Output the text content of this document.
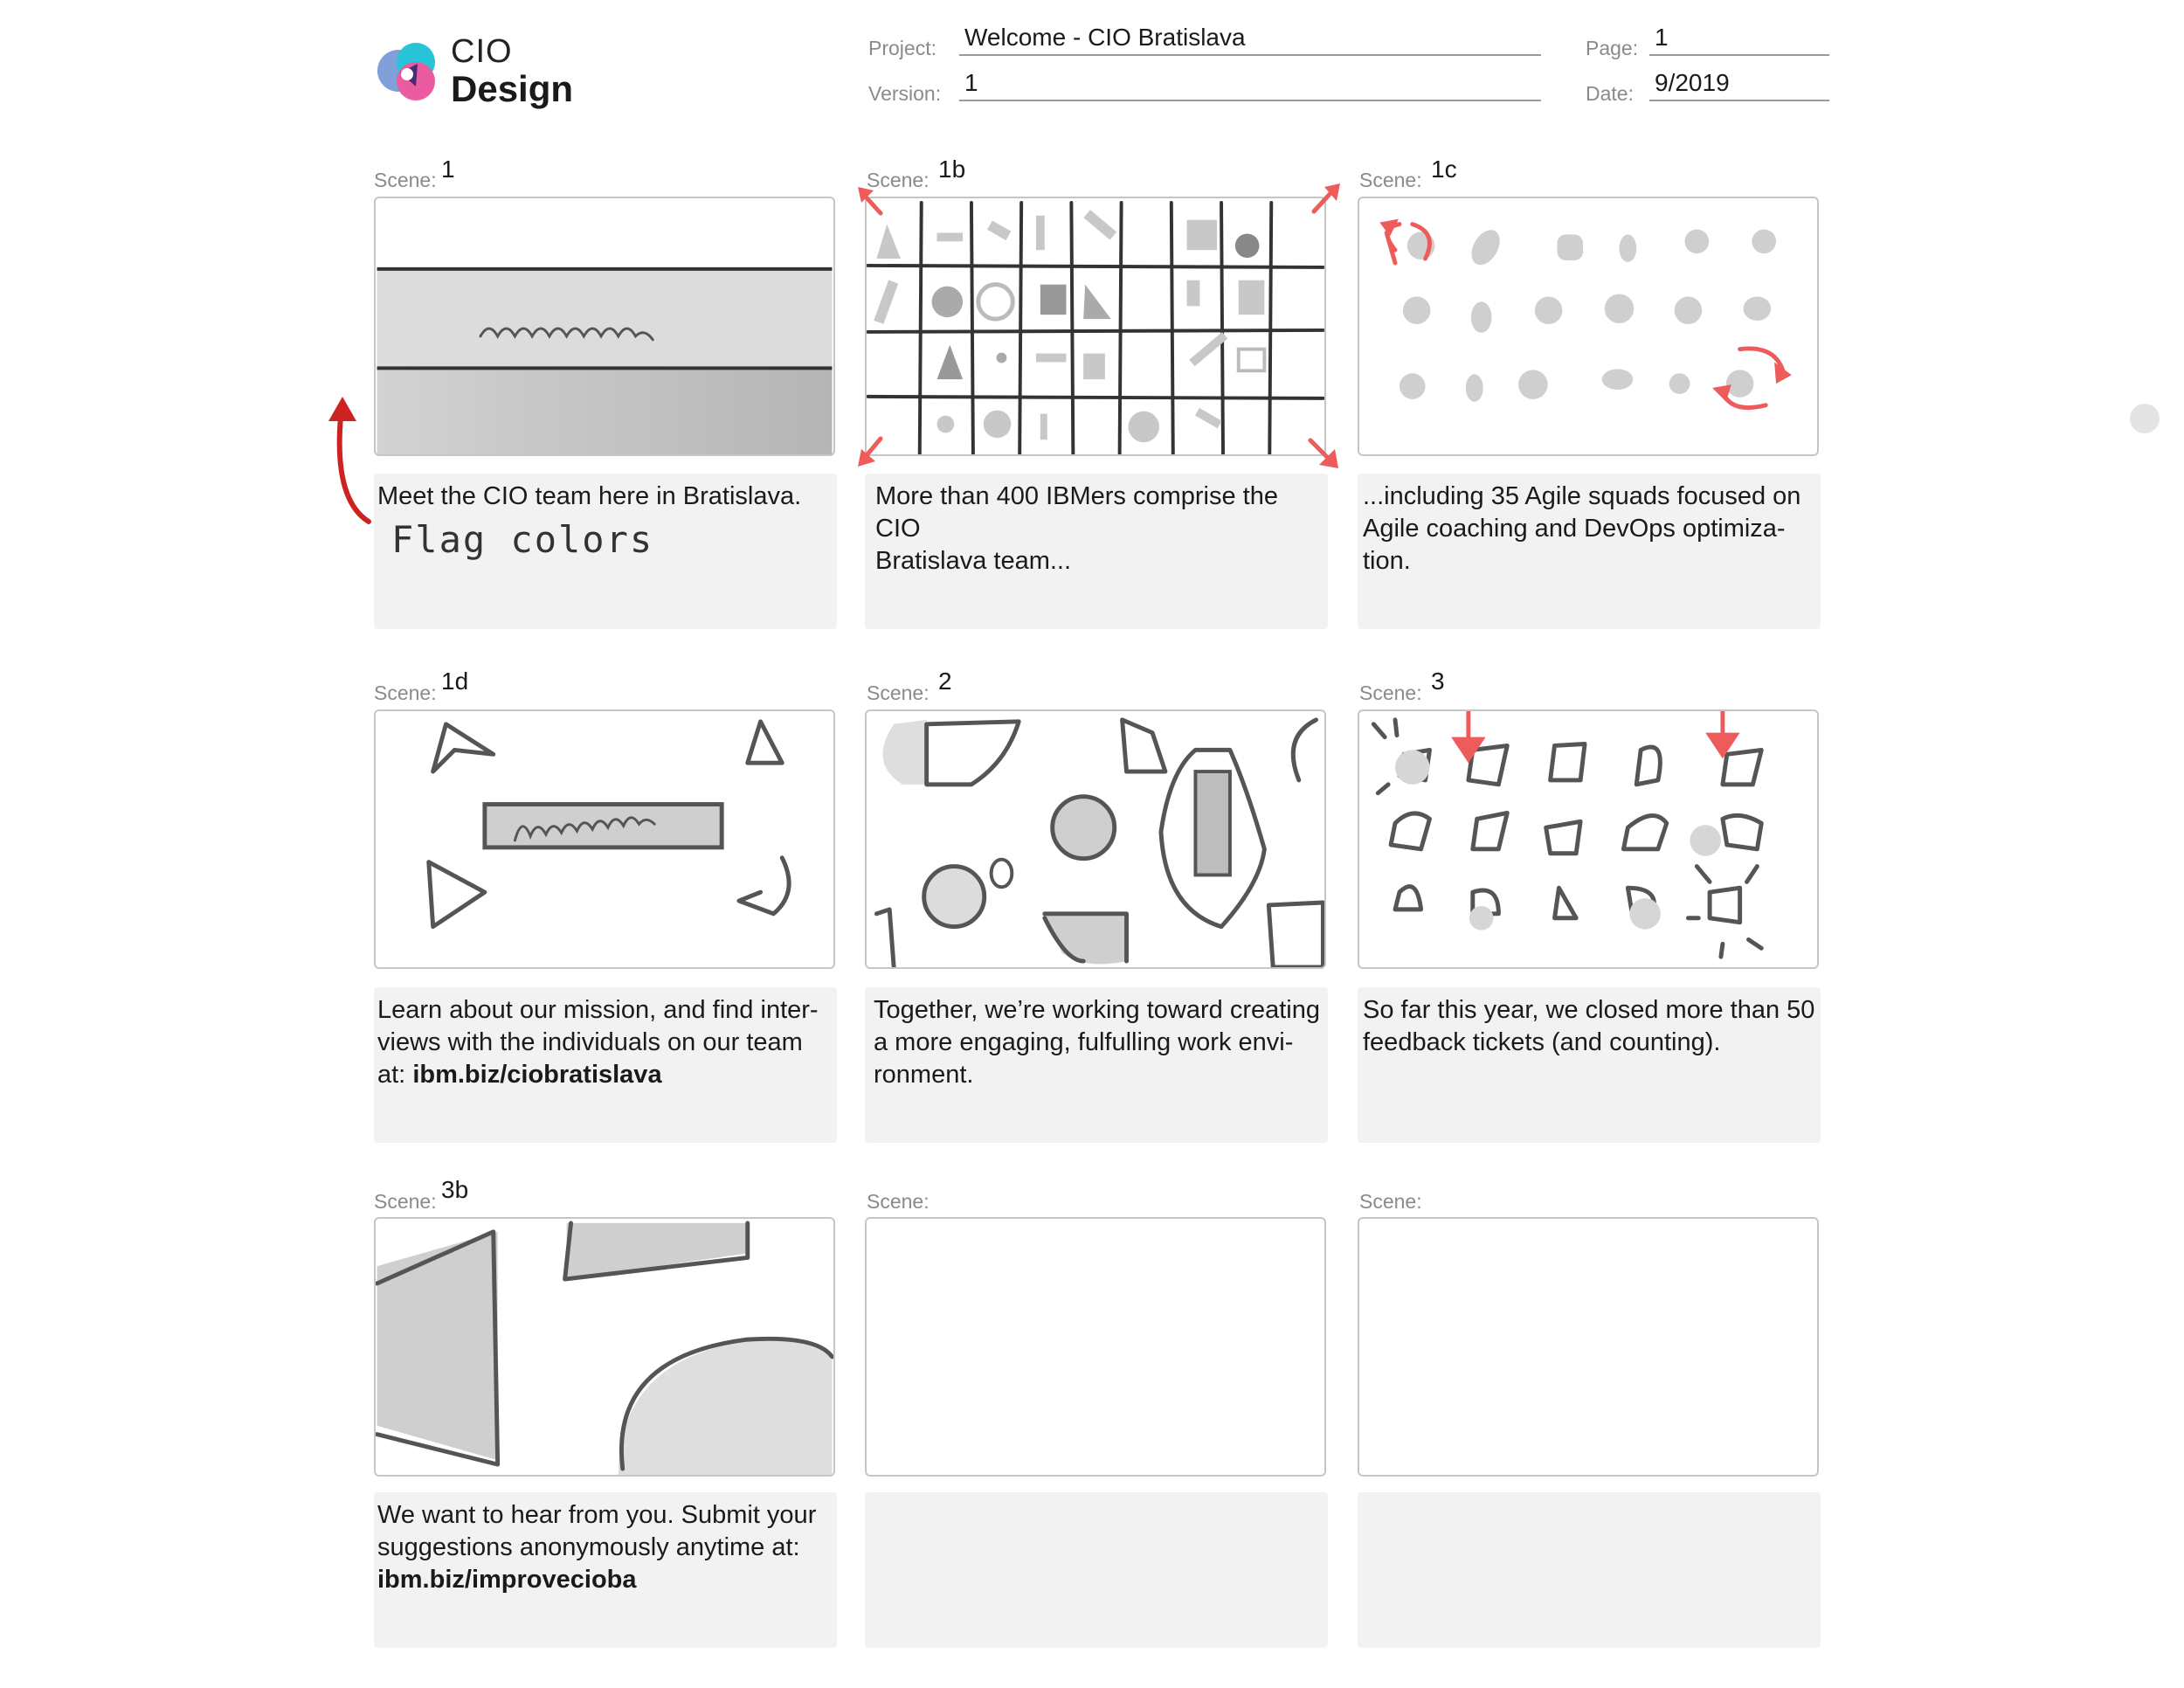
CIO
Design
Project: Welcome - CIO Bratislava
Version: 1
Page: 1
Date: 9/2019
Scene: 1
Meet the CIO team here in Bratislava.
Flag colors
Scene: 1b
More than 400 IBMers comprise the CIO
Bratislava team...
Scene: 1c
...including 35 Agile squads focused on
Agile coaching and DevOps optimiza-
tion.
Scene: 1d
Learn about our mission, and find inter-
views with the individuals on our team
at: ibm.biz/ciobratislava
Scene: 2
Together, we’re working toward creating
a more engaging, fulfulling work envi-
ronment.
Scene: 3
So far this year, we closed more than 50
feedback tickets (and counting).
Scene: 3b
We want to hear from you. Submit your
suggestions anonymously anytime at:
ibm.biz/improvecioba
Scene:	Scene:
